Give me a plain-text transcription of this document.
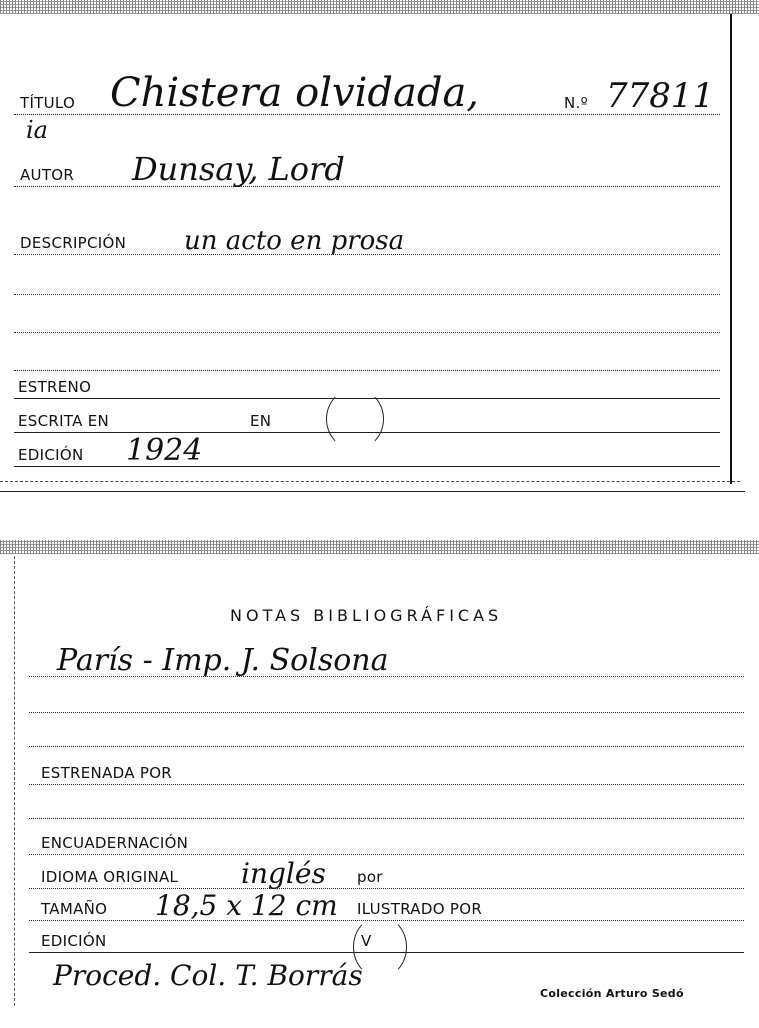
TÍTULO Chistera olvidada,	N.º 77811
ia
AUTOR Dunsay, Lord
DESCRIPCIÓN un acto en prosa
ESTRENO
ESCRITA EN	EN
EDICIÓN 1924
París - Imp. J. Solsona
ESTRENADA POR
ENCUADERNACIÓN
IDIOMA ORIGINAL inglés por
TAMAÑO 18,5 x 12 cm ILUSTRADO POR
EDICIÓN	V
Proced. Col. T. Borrás
NOTAS BIBLIOGRÁFICAS
Colección Arturo Sedó
